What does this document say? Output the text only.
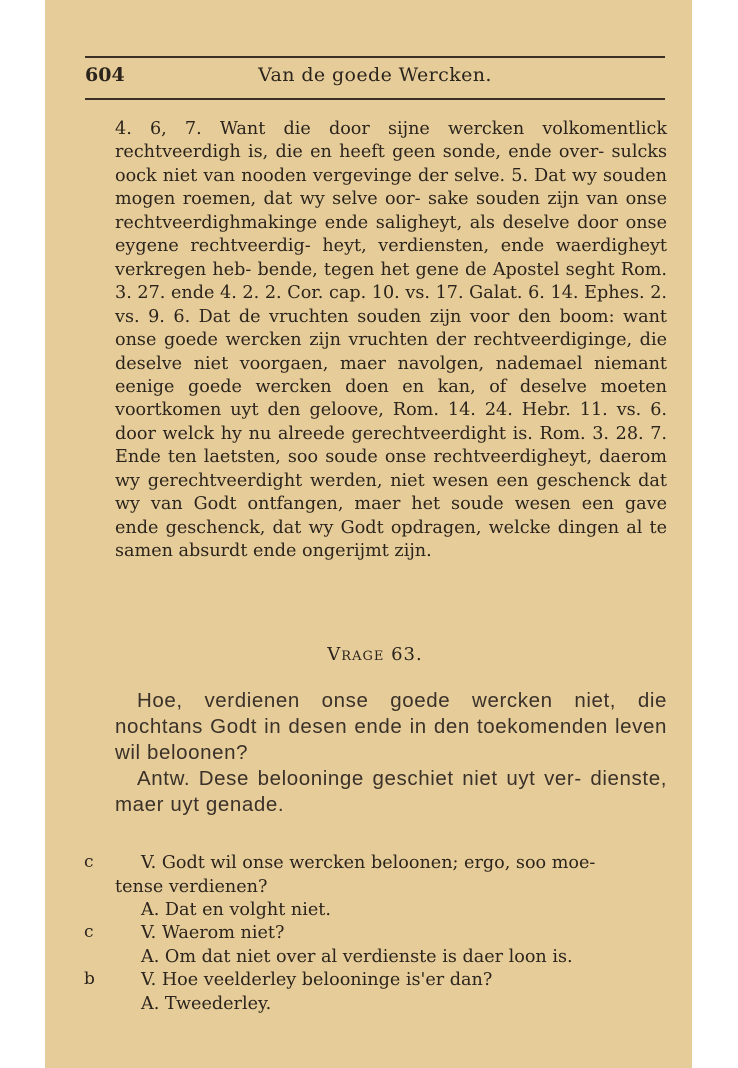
604	Van de goede Wercken.
4. 6, 7. Want die door sijne wercken volkomentlick rechtveerdigh is, die en heeft geen sonde, ende over- sulcks oock niet van nooden vergevinge der selve. 5. Dat wy souden mogen roemen, dat wy selve oor- sake souden zijn van onse rechtveerdighmakinge ende saligheyt, als deselve door onse eygene rechtveerdig- heyt, verdiensten, ende waerdigheyt verkregen heb- bende, tegen het gene de Apostel seght Rom. 3. 27. ende 4. 2. 2. Cor. cap. 10. vs. 17. Galat. 6. 14. Ephes. 2. vs. 9. 6. Dat de vruchten souden zijn voor den boom: want onse goede wercken zijn vruchten der rechtveerdiginge, die deselve niet voorgaen, maer navolgen, nademael niemant eenige goede wercken doen en kan, of deselve moeten voortkomen uyt den geloove, Rom. 14. 24. Hebr. 11. vs. 6. door welck hy nu alreede gerechtveerdight is. Rom. 3. 28. 7. Ende ten laetsten, soo soude onse rechtveerdigheyt, daerom wy gerechtveerdight werden, niet wesen een geschenck dat wy van Godt ontfangen, maer het soude wesen een gave ende geschenck, dat wy Godt opdragen, welcke dingen al te samen absurdt ende ongerijmt zijn.
Vrage 63.

Hoe, verdienen onse goede wercken niet, die nochtans Godt in desen ende in den toekomenden leven wil beloonen?

Antw. Dese belooninge geschiet niet uyt ver- dienste, maer uyt genade.

V. Godt wil onse wercken beloonen; ergo, soo moe-
c
tense verdienen?
A. Dat en volght niet.
V. Waerom niet?
c
A. Om dat niet over al verdienste is daer loon is.
V. Hoe veelderley belooninge is'er dan?
b
A. Tweederley.
